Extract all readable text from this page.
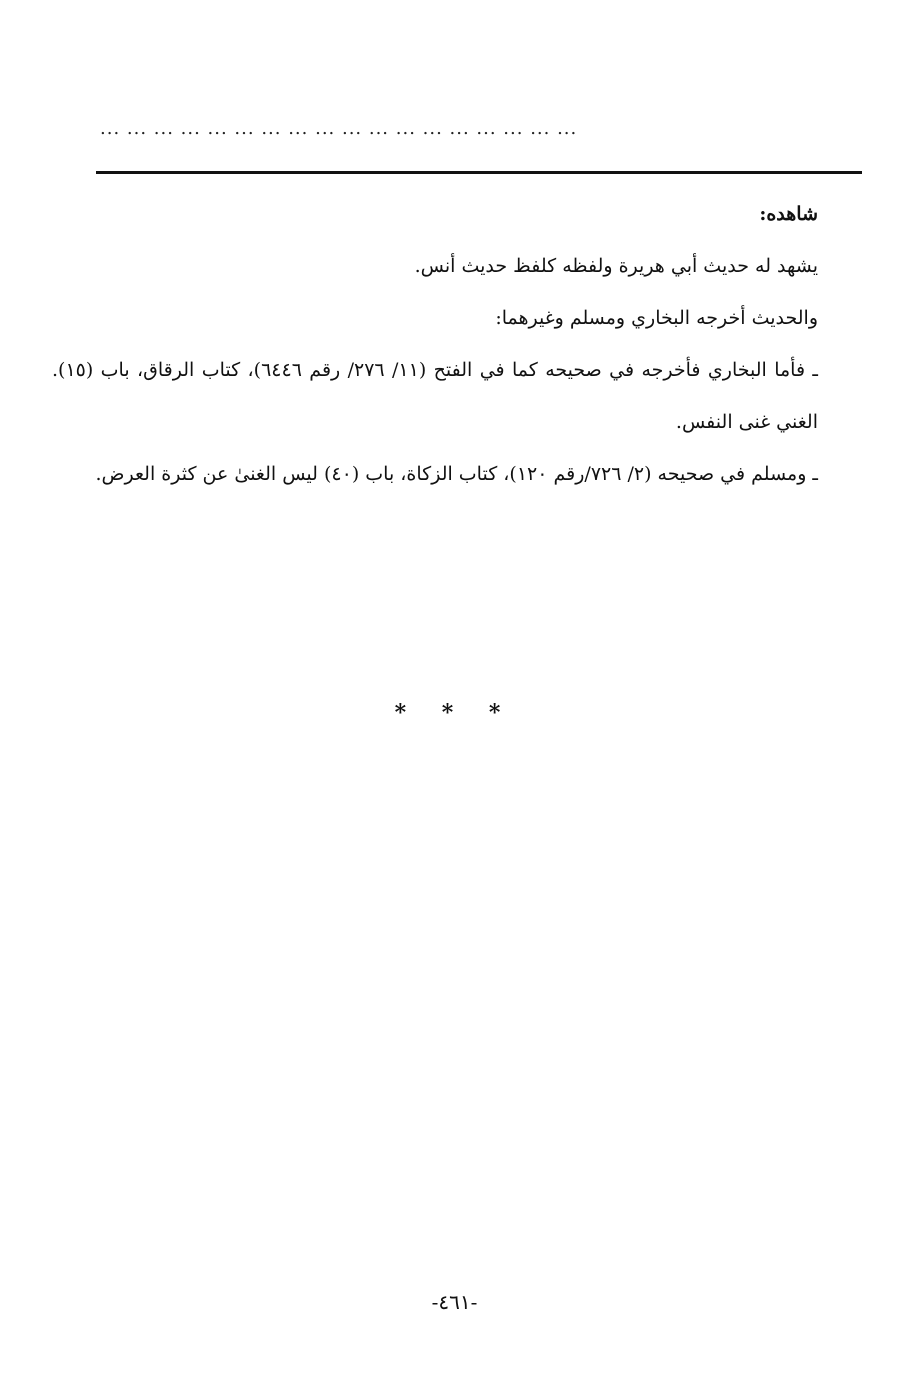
... ... ... ... ... ... ... ... ... ... ... ... ... ... ... ... ... ...

شاهده:

يشهد له حديث أبي هريرة ولفظه كلفظ حديث أنس.

والحديث أخرجه البخاري ومسلم وغيرهما:

ـ فأما البخاري فأخرجه في صحيحه كما في الفتح (١١/ ٢٧٦/ رقم ٦٤٤٦)، كتاب الرقاق، باب (١٥). الغني غنى النفس.

ـ ومسلم في صحيحه (٢/ ٧٢٦/رقم ١٢٠)، كتاب الزكاة، باب (٤٠) ليس الغنىٰ عن كثرة العرض.

* * *
-٤٦١-
